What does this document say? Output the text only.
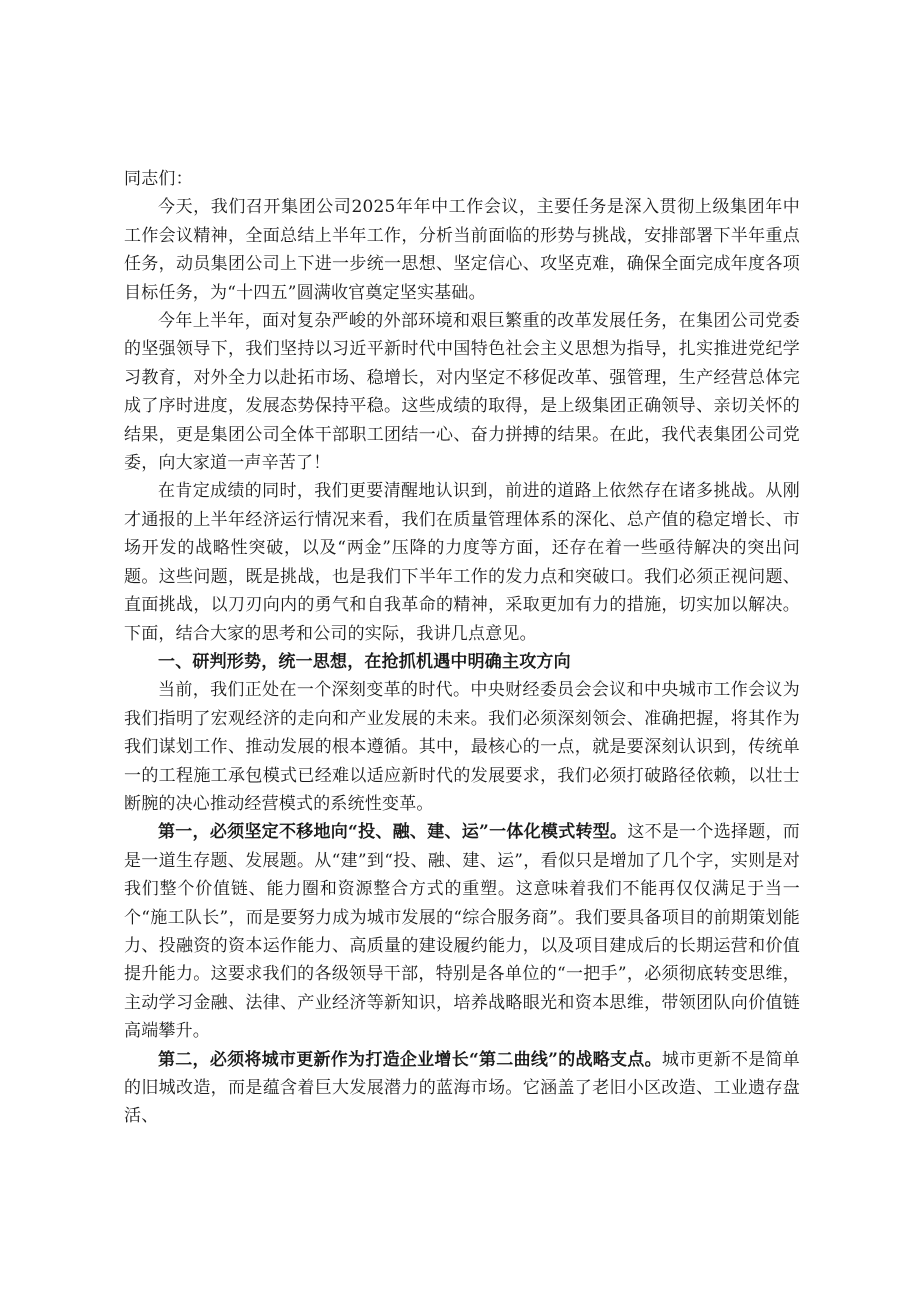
同志们：

今天，我们召开集团公司2025年年中工作会议，主要任务是深入贯彻上级集团年中工作会议精神，全面总结上半年工作，分析当前面临的形势与挑战，安排部署下半年重点任务，动员集团公司上下进一步统一思想、坚定信心、攻坚克难，确保全面完成年度各项目标任务，为“十四五”圆满收官奠定坚实基础。

今年上半年，面对复杂严峻的外部环境和艰巨繁重的改革发展任务，在集团公司党委的坚强领导下，我们坚持以习近平新时代中国特色社会主义思想为指导，扎实推进党纪学习教育，对外全力以赴拓市场、稳增长，对内坚定不移促改革、强管理，生产经营总体完成了序时进度，发展态势保持平稳。这些成绩的取得，是上级集团正确领导、亲切关怀的结果，更是集团公司全体干部职工团结一心、奋力拼搏的结果。在此，我代表集团公司党委，向大家道一声辛苦了！

在肯定成绩的同时，我们更要清醒地认识到，前进的道路上依然存在诸多挑战。从刚才通报的上半年经济运行情况来看，我们在质量管理体系的深化、总产值的稳定增长、市场开发的战略性突破，以及“两金”压降的力度等方面，还存在着一些亟待解决的突出问题。这些问题，既是挑战，也是我们下半年工作的发力点和突破口。我们必须正视问题、直面挑战，以刀刃向内的勇气和自我革命的精神，采取更加有力的措施，切实加以解决。下面，结合大家的思考和公司的实际，我讲几点意见。

一、研判形势，统一思想，在抢抓机遇中明确主攻方向

当前，我们正处在一个深刻变革的时代。中央财经委员会会议和中央城市工作会议为我们指明了宏观经济的走向和产业发展的未来。我们必须深刻领会、准确把握，将其作为我们谋划工作、推动发展的根本遵循。其中，最核心的一点，就是要深刻认识到，传统单一的工程施工承包模式已经难以适应新时代的发展要求，我们必须打破路径依赖，以壮士断腕的决心推动经营模式的系统性变革。

第一，必须坚定不移地向“投、融、建、运”一体化模式转型。这不是一个选择题，而是一道生存题、发展题。从“建”到“投、融、建、运”，看似只是增加了几个字，实则是对我们整个价值链、能力圈和资源整合方式的重塑。这意味着我们不能再仅仅满足于当一个“施工队长”，而是要努力成为城市发展的“综合服务商”。我们要具备项目的前期策划能力、投融资的资本运作能力、高质量的建设履约能力，以及项目建成后的长期运营和价值提升能力。这要求我们的各级领导干部，特别是各单位的“一把手”，必须彻底转变思维，主动学习金融、法律、产业经济等新知识，培养战略眼光和资本思维，带领团队向价值链高端攀升。

第二，必须将城市更新作为打造企业增长“第二曲线”的战略支点。城市更新不是简单的旧城改造，而是蕴含着巨大发展潜力的蓝海市场。它涵盖了老旧小区改造、工业遗存盘活、
